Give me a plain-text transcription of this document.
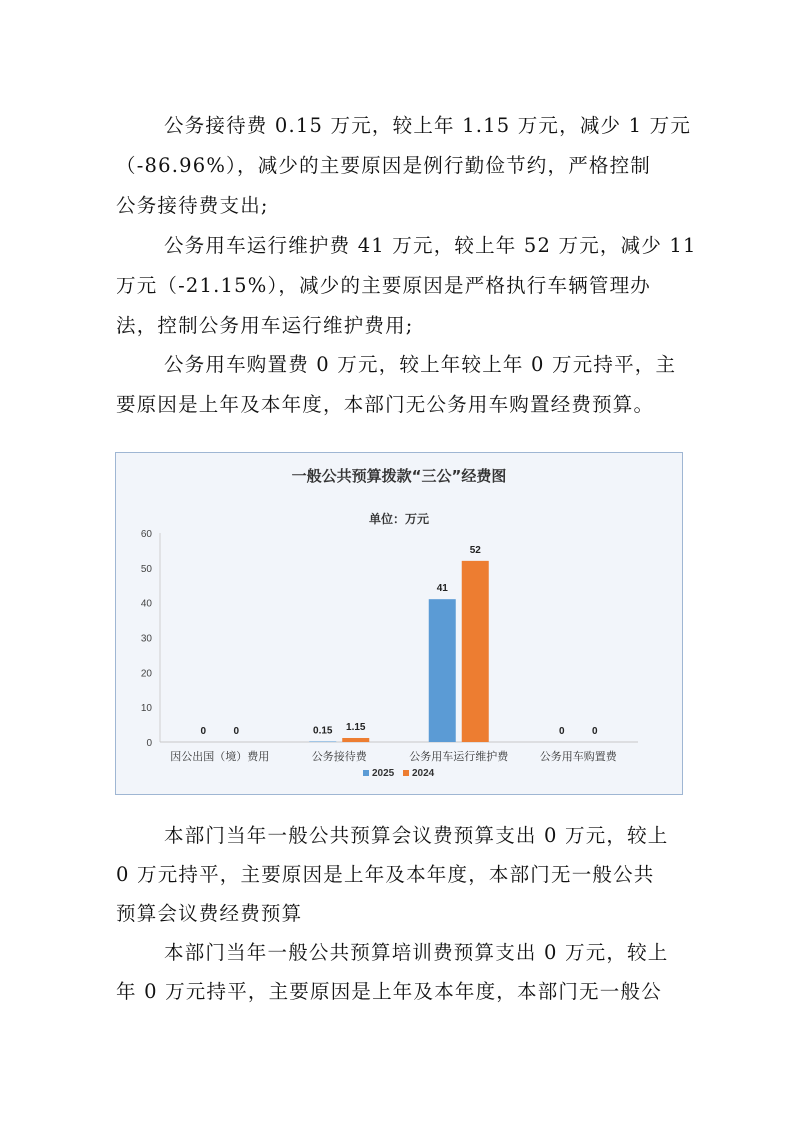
公务接待费 0.15 万元，较上年 1.15 万元，减少 1 万元
（-86.96%），减少的主要原因是例行勤俭节约，严格控制
公务接待费支出;
公务用车运行维护费 41 万元，较上年 52 万元，减少 11
万元（-21.15%），减少的主要原因是严格执行车辆管理办
法，控制公务用车运行维护费用;
公务用车购置费 0 万元，较上年较上年 0 万元持平，主
要原因是上年及本年度，本部门无公务用车购置经费预算。
一般公共预算拨款“三公”经费图
单位：万元
0
10
20
30
40
50
60
0	0	0.15 1.15
41
52
0	0
因公出国（境）费用	公务接待费	公务用车运行维护费	公务用车购置费
2025 2024
本部门当年一般公共预算会议费预算支出 0 万元，较上
0 万元持平，主要原因是上年及本年度，本部门无一般公共
预算会议费经费预算
本部门当年一般公共预算培训费预算支出 0 万元，较上
年 0 万元持平，主要原因是上年及本年度，本部门无一般公
